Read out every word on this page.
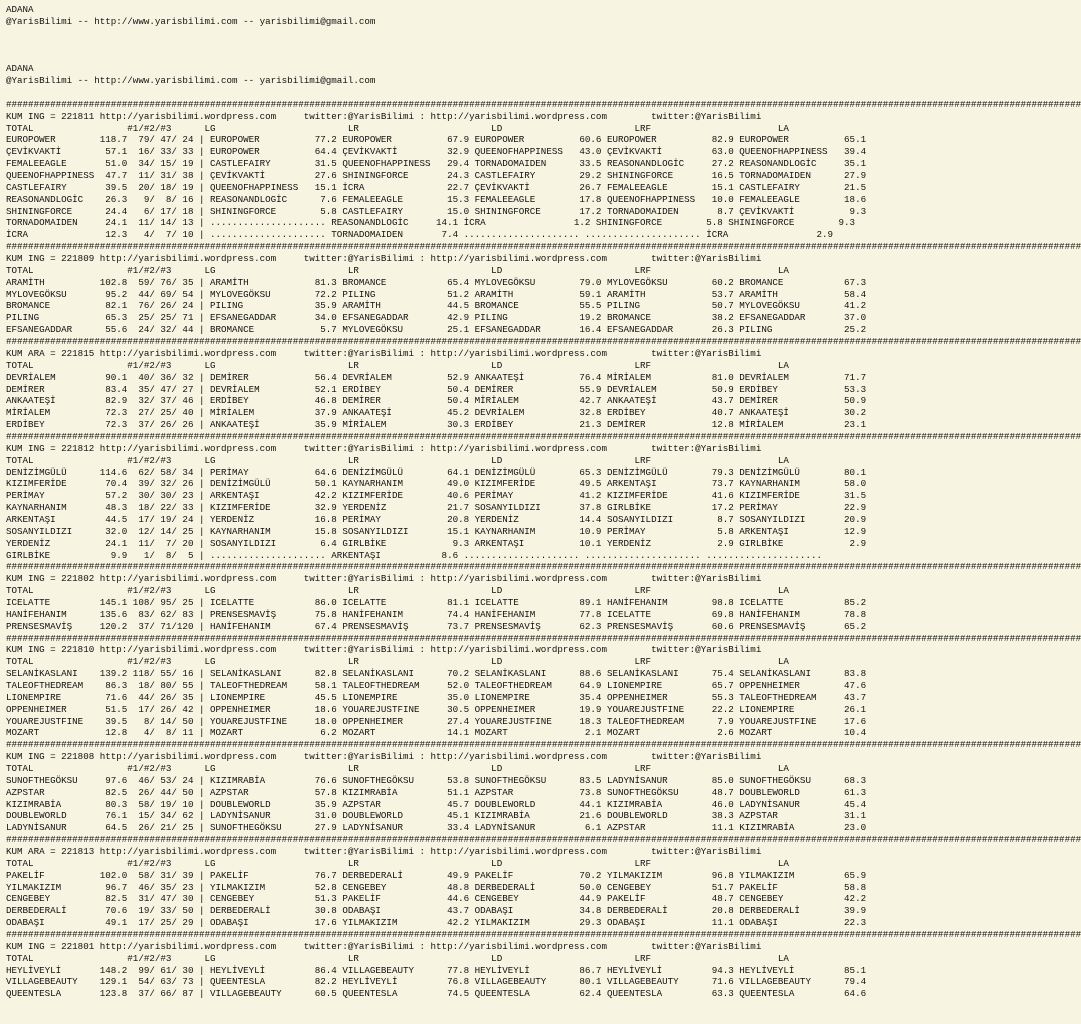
ADANA
@YarisBilimi -- http://www.yarisbilimi.com -- yarisbilimi@gmail.com
ADANA
@YarisBilimi -- http://www.yarisbilimi.com -- yarisbilimi@gmail.com
###################################################################################################################################################################################################
KUM ING = 221811 http://yarisbilimi.wordpress.com     twitter:@YarisBilimi : http://yarisbilimi.wordpress.com        twitter:@YarisBilimi
TOTAL                 #1/#2/#3      LG                        LR                        LD                        LRF                       LA
EUROPOWER        118.7  79/ 47/ 24 | EUROPOWER          77.2 EUROPOWER          67.9 EUROPOWER          60.6 EUROPOWER          82.9 EUROPOWER          65.1
ÇEVİKVAKTİ        57.1  16/ 33/ 33 | EUROPOWER          64.4 ÇEVİKVAKTİ         32.9 QUEENOFHAPPINESS   43.0 ÇEVİKVAKTİ         63.0 QUEENOFHAPPINESS   39.4
FEMALEEAGLE       51.0  34/ 15/ 19 | CASTLEFAIRY        31.5 QUEENOFHAPPINESS   29.4 TORNADOMAIDEN      33.5 REASONANDLOGİC     27.2 REASONANDLOGİC     35.1
QUEENOFHAPPINESS  47.7  11/ 31/ 38 | ÇEVİKVAKTİ         27.6 SHININGFORCE       24.3 CASTLEFAIRY        29.2 SHININGFORCE       16.5 TORNADOMAIDEN      27.9
CASTLEFAIRY       39.5  20/ 18/ 19 | QUEENOFHAPPINESS   15.1 İCRA               22.7 ÇEVİKVAKTİ         26.7 FEMALEEAGLE        15.1 CASTLEFAIRY        21.5
REASONANDLOGİC    26.3   9/  8/ 16 | REASONANDLOGİC      7.6 FEMALEEAGLE        15.3 FEMALEEAGLE        17.8 QUEENOFHAPPINESS   10.0 FEMALEEAGLE        18.6
SHININGFORCE      24.4   6/ 17/ 18 | SHININGFORCE        5.8 CASTLEFAIRY        15.0 SHININGFORCE       17.2 TORNADOMAIDEN       8.7 ÇEVİKVAKTİ          9.3
TORNADOMAIDEN     24.1  11/ 14/ 13 | ..................... REASONANDLOGİC     14.1 İCRA                1.2 SHININGFORCE        5.8 SHININGFORCE        9.3
İCRA              12.3   4/  7/ 10 | ..................... TORNADOMAIDEN       7.4 ..................... ..................... İCRA                2.9
###################################################################################################################################################################################################
KUM ING = 221809 http://yarisbilimi.wordpress.com     twitter:@YarisBilimi : http://yarisbilimi.wordpress.com        twitter:@YarisBilimi
TOTAL                 #1/#2/#3      LG                        LR                        LD                        LRF                       LA
ARAMİTH          102.8  59/ 76/ 35 | ARAMİTH            81.3 BROMANCE           65.4 MYLOVEGÖKSU        79.0 MYLOVEGÖKSU        60.2 BROMANCE           67.3
MYLOVEGÖKSU       95.2  44/ 69/ 54 | MYLOVEGÖKSU        72.2 PILING             51.2 ARAMİTH            59.1 ARAMİTH            53.7 ARAMİTH            58.4
BROMANCE          82.1  76/ 26/ 24 | PILING             35.9 ARAMİTH            44.5 BROMANCE           55.5 PILING             50.7 MYLOVEGÖKSU        41.2
PILING            65.3  25/ 25/ 71 | EFSANEGADDAR       34.0 EFSANEGADDAR       42.9 PILING             19.2 BROMANCE           38.2 EFSANEGADDAR       37.0
EFSANEGADDAR      55.6  24/ 32/ 44 | BROMANCE            5.7 MYLOVEGÖKSU        25.1 EFSANEGADDAR       16.4 EFSANEGADDAR       26.3 PILING             25.2
###################################################################################################################################################################################################
KUM ARA = 221815 http://yarisbilimi.wordpress.com     twitter:@YarisBilimi : http://yarisbilimi.wordpress.com        twitter:@YarisBilimi
TOTAL                 #1/#2/#3      LG                        LR                        LD                        LRF                       LA
DEVRİALEM         90.1  40/ 36/ 32 | DEMİRER            56.4 DEVRİALEM          52.9 ANKAATEŞİ          76.4 MİRİALEM           81.0 DEVRİALEM          71.7
DEMİRER           83.4  35/ 47/ 27 | DEVRİALEM          52.1 ERDİBEY            50.4 DEMİRER            55.9 DEVRİALEM          50.9 ERDİBEY            53.3
ANKAATEŞİ         82.9  32/ 37/ 46 | ERDİBEY            46.8 DEMİRER            50.4 MİRİALEM           42.7 ANKAATEŞİ          43.7 DEMİRER            50.9
MİRİALEM          72.3  27/ 25/ 40 | MİRİALEM           37.9 ANKAATEŞİ          45.2 DEVRİALEM          32.8 ERDİBEY            40.7 ANKAATEŞİ          30.2
ERDİBEY           72.3  37/ 26/ 26 | ANKAATEŞİ          35.9 MİRİALEM           30.3 ERDİBEY            21.3 DEMİRER            12.8 MİRİALEM           23.1
###################################################################################################################################################################################################
KUM ING = 221812 http://yarisbilimi.wordpress.com     twitter:@YarisBilimi : http://yarisbilimi.wordpress.com        twitter:@YarisBilimi
TOTAL                 #1/#2/#3      LG                        LR                        LD                        LRF                       LA
DENİZİMGÜLÜ      114.6  62/ 58/ 34 | PERİMAY            64.6 DENİZİMGÜLÜ        64.1 DENİZİMGÜLÜ        65.3 DENİZİMGÜLÜ        79.3 DENİZİMGÜLÜ        80.1
KIZIMFERİDE       70.4  39/ 32/ 26 | DENİZİMGÜLÜ        50.1 KAYNARHANIM        49.0 KIZIMFERİDE        49.5 ARKENTAŞI          73.7 KAYNARHANIM        58.0
PERİMAY           57.2  30/ 30/ 23 | ARKENTAŞI          42.2 KIZIMFERİDE        40.6 PERİMAY            41.2 KIZIMFERİDE        41.6 KIZIMFERİDE        31.5
KAYNARHANIM       48.3  18/ 22/ 33 | KIZIMFERİDE        32.9 YERDENİZ           21.7 SOSANYILDIZI       37.8 GIRLBİKE           17.2 PERİMAY            22.9
ARKENTAŞI         44.5  17/ 19/ 24 | YERDENİZ           16.8 PERİMAY            20.8 YERDENİZ           14.4 SOSANYILDIZI        8.7 SOSANYILDIZI       20.9
SOSANYILDIZI      32.0  12/ 14/ 25 | KAYNARHANIM        15.8 SOSANYILDIZI       15.1 KAYNARHANIM        10.9 PERİMAY             5.8 ARKENTAŞI          12.9
YERDENİZ          24.1  11/  7/ 20 | SOSANYILDIZI        6.4 GIRLBİKE            9.3 ARKENTAŞI          10.1 YERDENİZ            2.9 GIRLBİKE            2.9
GIRLBİKE           9.9   1/  8/  5 | ..................... ARKENTAŞI           8.6 ..................... ..................... .....................
###################################################################################################################################################################################################
KUM ING = 221802 http://yarisbilimi.wordpress.com     twitter:@YarisBilimi : http://yarisbilimi.wordpress.com        twitter:@YarisBilimi
TOTAL                 #1/#2/#3      LG                        LR                        LD                        LRF                       LA
ICELATTE         145.1 108/ 95/ 25 | ICELATTE           86.0 ICELATTE           81.1 ICELATTE           89.1 HANİFEHANIM        98.8 ICELATTE           85.2
HANİFEHANIM      135.6  83/ 62/ 83 | PRENSESMAVİŞ       75.8 HANİFEHANIM        74.4 HANİFEHANIM        77.8 ICELATTE           69.8 HANİFEHANIM        78.8
PRENSESMAVİŞ     120.2  37/ 71/120 | HANİFEHANIM        67.4 PRENSESMAVİŞ       73.7 PRENSESMAVİŞ       62.3 PRENSESMAVİŞ       60.6 PRENSESMAVİŞ       65.2
###################################################################################################################################################################################################
KUM ING = 221810 http://yarisbilimi.wordpress.com     twitter:@YarisBilimi : http://yarisbilimi.wordpress.com        twitter:@YarisBilimi
TOTAL                 #1/#2/#3      LG                        LR                        LD                        LRF                       LA
SELANİKASLANI    139.2 118/ 55/ 16 | SELANİKASLANI      82.8 SELANİKASLANI      70.2 SELANİKASLANI      88.6 SELANİKASLANI      75.4 SELANİKASLANI      83.8
TALEOFTHEDREAM    86.3  18/ 80/ 55 | TALEOFTHEDREAM     58.1 TALEOFTHEDREAM     52.0 TALEOFTHEDREAM     64.9 LIONEMPIRE         65.7 OPPENHEIMER        47.6
LIONEMPIRE        71.6  44/ 26/ 35 | LIONEMPIRE         45.5 LIONEMPIRE         35.0 LIONEMPIRE         35.4 OPPENHEIMER        55.3 TALEOFTHEDREAM     43.7
OPPENHEIMER       51.5  17/ 26/ 42 | OPPENHEIMER        18.6 YOUAREJUSTFINE     30.5 OPPENHEIMER        19.9 YOUAREJUSTFINE     22.2 LIONEMPIRE         26.1
YOUAREJUSTFINE    39.5   8/ 14/ 50 | YOUAREJUSTFINE     18.0 OPPENHEIMER        27.4 YOUAREJUSTFINE     18.3 TALEOFTHEDREAM      7.9 YOUAREJUSTFINE     17.6
MOZART            12.8   4/  8/ 11 | MOZART              6.2 MOZART             14.1 MOZART              2.1 MOZART              2.6 MOZART             10.4
###################################################################################################################################################################################################
KUM ING = 221808 http://yarisbilimi.wordpress.com     twitter:@YarisBilimi : http://yarisbilimi.wordpress.com        twitter:@YarisBilimi
TOTAL                 #1/#2/#3      LG                        LR                        LD                        LRF                       LA
SUNOFTHEGÖKSU     97.6  46/ 53/ 24 | KIZIMRABİA         76.6 SUNOFTHEGÖKSU      53.8 SUNOFTHEGÖKSU      83.5 LADYNİSANUR        85.0 SUNOFTHEGÖKSU      68.3
AZPSTAR           82.5  26/ 44/ 50 | AZPSTAR            57.8 KIZIMRABİA         51.1 AZPSTAR            73.8 SUNOFTHEGÖKSU      48.7 DOUBLEWORLD        61.3
KIZIMRABİA        80.3  58/ 19/ 10 | DOUBLEWORLD        35.9 AZPSTAR            45.7 DOUBLEWORLD        44.1 KIZIMRABİA         46.0 LADYNİSANUR        45.4
DOUBLEWORLD       76.1  15/ 34/ 62 | LADYNİSANUR        31.0 DOUBLEWORLD        45.1 KIZIMRABİA         21.6 DOUBLEWORLD        38.3 AZPSTAR            31.1
LADYNİSANUR       64.5  26/ 21/ 25 | SUNOFTHEGÖKSU      27.9 LADYNİSANUR        33.4 LADYNİSANUR         6.1 AZPSTAR            11.1 KIZIMRABİA         23.0
###################################################################################################################################################################################################
KUM ARA = 221813 http://yarisbilimi.wordpress.com     twitter:@YarisBilimi : http://yarisbilimi.wordpress.com        twitter:@YarisBilimi
TOTAL                 #1/#2/#3      LG                        LR                        LD                        LRF                       LA
PAKELİF          102.0  58/ 31/ 39 | PAKELİF            76.7 DERBEDERALİ        49.9 PAKELİF            70.2 YILMAKIZIM         96.8 YILMAKIZIM         65.9
YILMAKIZIM        96.7  46/ 35/ 23 | YILMAKIZIM         52.8 CENGEBEY           48.8 DERBEDERALİ        50.0 CENGEBEY           51.7 PAKELİF            58.8
CENGEBEY          82.5  31/ 47/ 30 | CENGEBEY           51.3 PAKELİF            44.6 CENGEBEY           44.9 PAKELİF            48.7 CENGEBEY           42.2
DERBEDERALİ       70.6  19/ 33/ 50 | DERBEDERALİ        30.8 ODABAŞI            43.7 ODABAŞI            34.8 DERBEDERALİ        20.8 DERBEDERALİ        39.9
ODABAŞI           49.1  17/ 25/ 29 | ODABAŞI            17.6 YILMAKIZIM         42.2 YILMAKIZIM         29.3 ODABAŞI            11.1 ODABAŞI            22.3
###################################################################################################################################################################################################
KUM ING = 221801 http://yarisbilimi.wordpress.com     twitter:@YarisBilimi : http://yarisbilimi.wordpress.com        twitter:@YarisBilimi
TOTAL                 #1/#2/#3      LG                        LR                        LD                        LRF                       LA
HEYLİVEYLİ       148.2  99/ 61/ 30 | HEYLİVEYLİ         86.4 VILLAGEBEAUTY      77.8 HEYLİVEYLİ         86.7 HEYLİVEYLİ         94.3 HEYLİVEYLİ         85.1
VILLAGEBEAUTY    129.1  54/ 63/ 73 | QUEENTESLA         82.2 HEYLİVEYLİ         76.8 VILLAGEBEAUTY      80.1 VILLAGEBEAUTY      71.6 VILLAGEBEAUTY      79.4
QUEENTESLA       123.8  37/ 66/ 87 | VILLAGEBEAUTY      60.5 QUEENTESLA         74.5 QUEENTESLA         62.4 QUEENTESLA         63.3 QUEENTESLA         64.6
